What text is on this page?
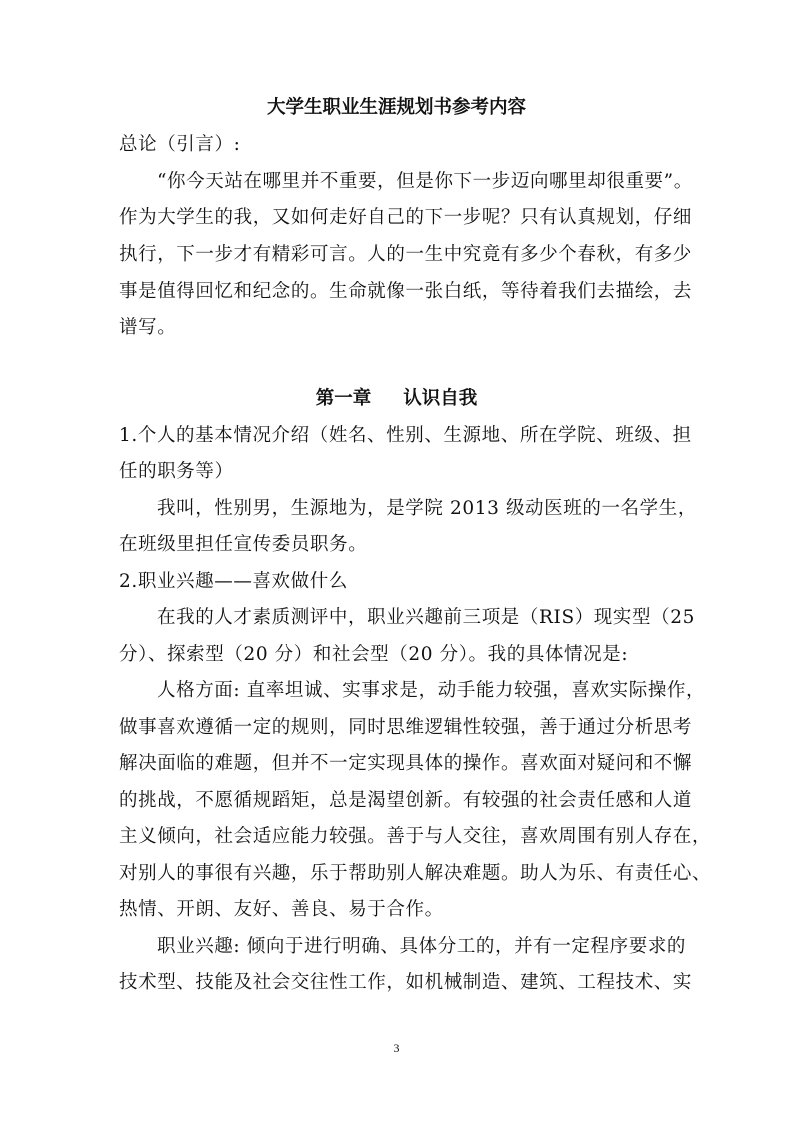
大学生职业生涯规划书参考内容
总论（引言）:
“你今天站在哪里并不重要，但是你下一步迈向哪里却很重要”。
作为大学生的我，又如何走好自己的下一步呢？只有认真规划，仔细
执行，下一步才有精彩可言。人的一生中究竟有多少个春秋，有多少
事是值得回忆和纪念的。生命就像一张白纸，等待着我们去描绘，去
谱写。
第一章 认识自我
1.个人的基本情况介绍（姓名、性别、生源地、所在学院、班级、担
任的职务等）
我叫，性别男，生源地为，是学院 2013 级动医班的一名学生，
在班级里担任宣传委员职务。
2.职业兴趣——喜欢做什么
在我的人才素质测评中，职业兴趣前三项是（RIS）现实型（25
分）、探索型（20 分）和社会型（20 分）。我的具体情况是:
人格方面: 直率坦诚、实事求是，动手能力较强，喜欢实际操作，
做事喜欢遵循一定的规则，同时思维逻辑性较强，善于通过分析思考
解决面临的难题，但并不一定实现具体的操作。喜欢面对疑问和不懈
的挑战，不愿循规蹈矩，总是渴望创新。有较强的社会责任感和人道
主义倾向，社会适应能力较强。善于与人交往，喜欢周围有别人存在，
对别人的事很有兴趣，乐于帮助别人解决难题。助人为乐、有责任心、
热情、开朗、友好、善良、易于合作。
职业兴趣: 倾向于进行明确、具体分工的，并有一定程序要求的
技术型、技能及社会交往性工作，如机械制造、建筑、工程技术、实
3
